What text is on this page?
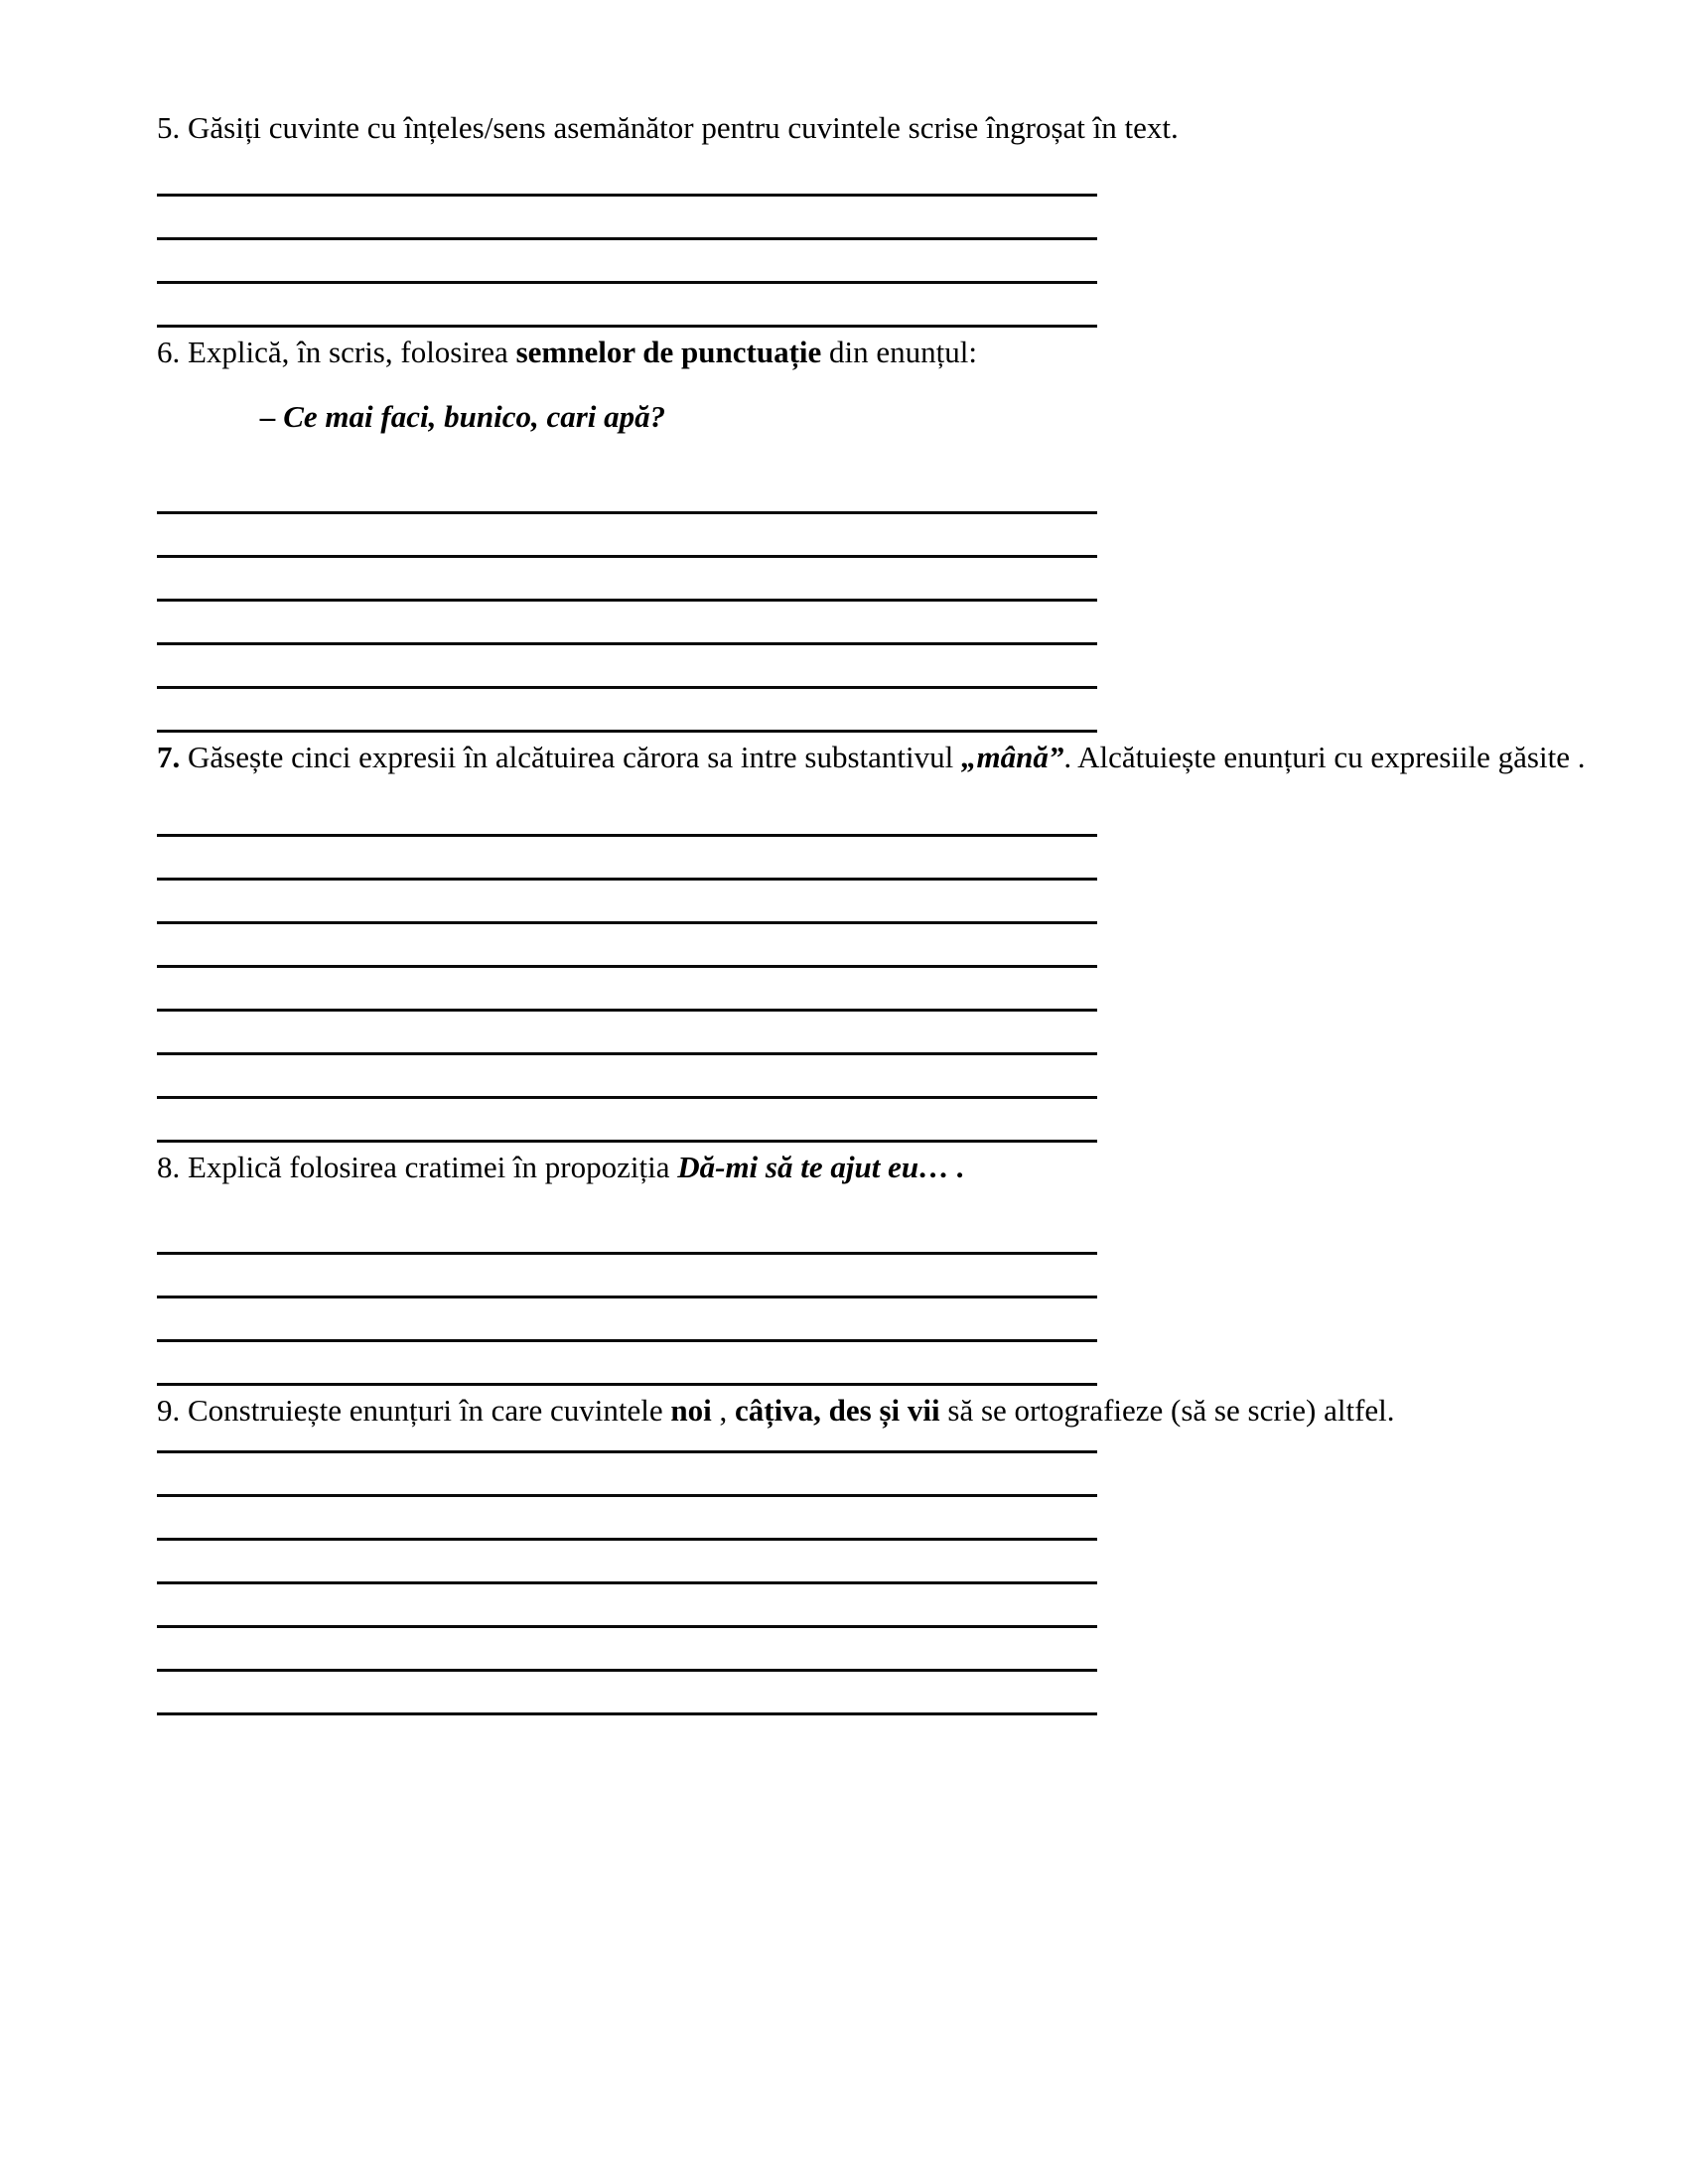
5. Găsiți cuvinte cu înțeles/sens asemănător pentru cuvintele scrise îngroșat în text.

6. Explică, în scris, folosirea semnelor de punctuație din enunțul:

– Ce mai faci, bunico, cari apă?

7. Găsește cinci expresii în alcătuirea cărora sa intre substantivul „mână”. Alcătuiește enunțuri cu expresiile găsite .

8. Explică folosirea cratimei în propoziția Dă-mi să te ajut eu… .

9. Construiește enunțuri în care cuvintele noi , câțiva, des și vii să se ortografieze (să se scrie) altfel.
